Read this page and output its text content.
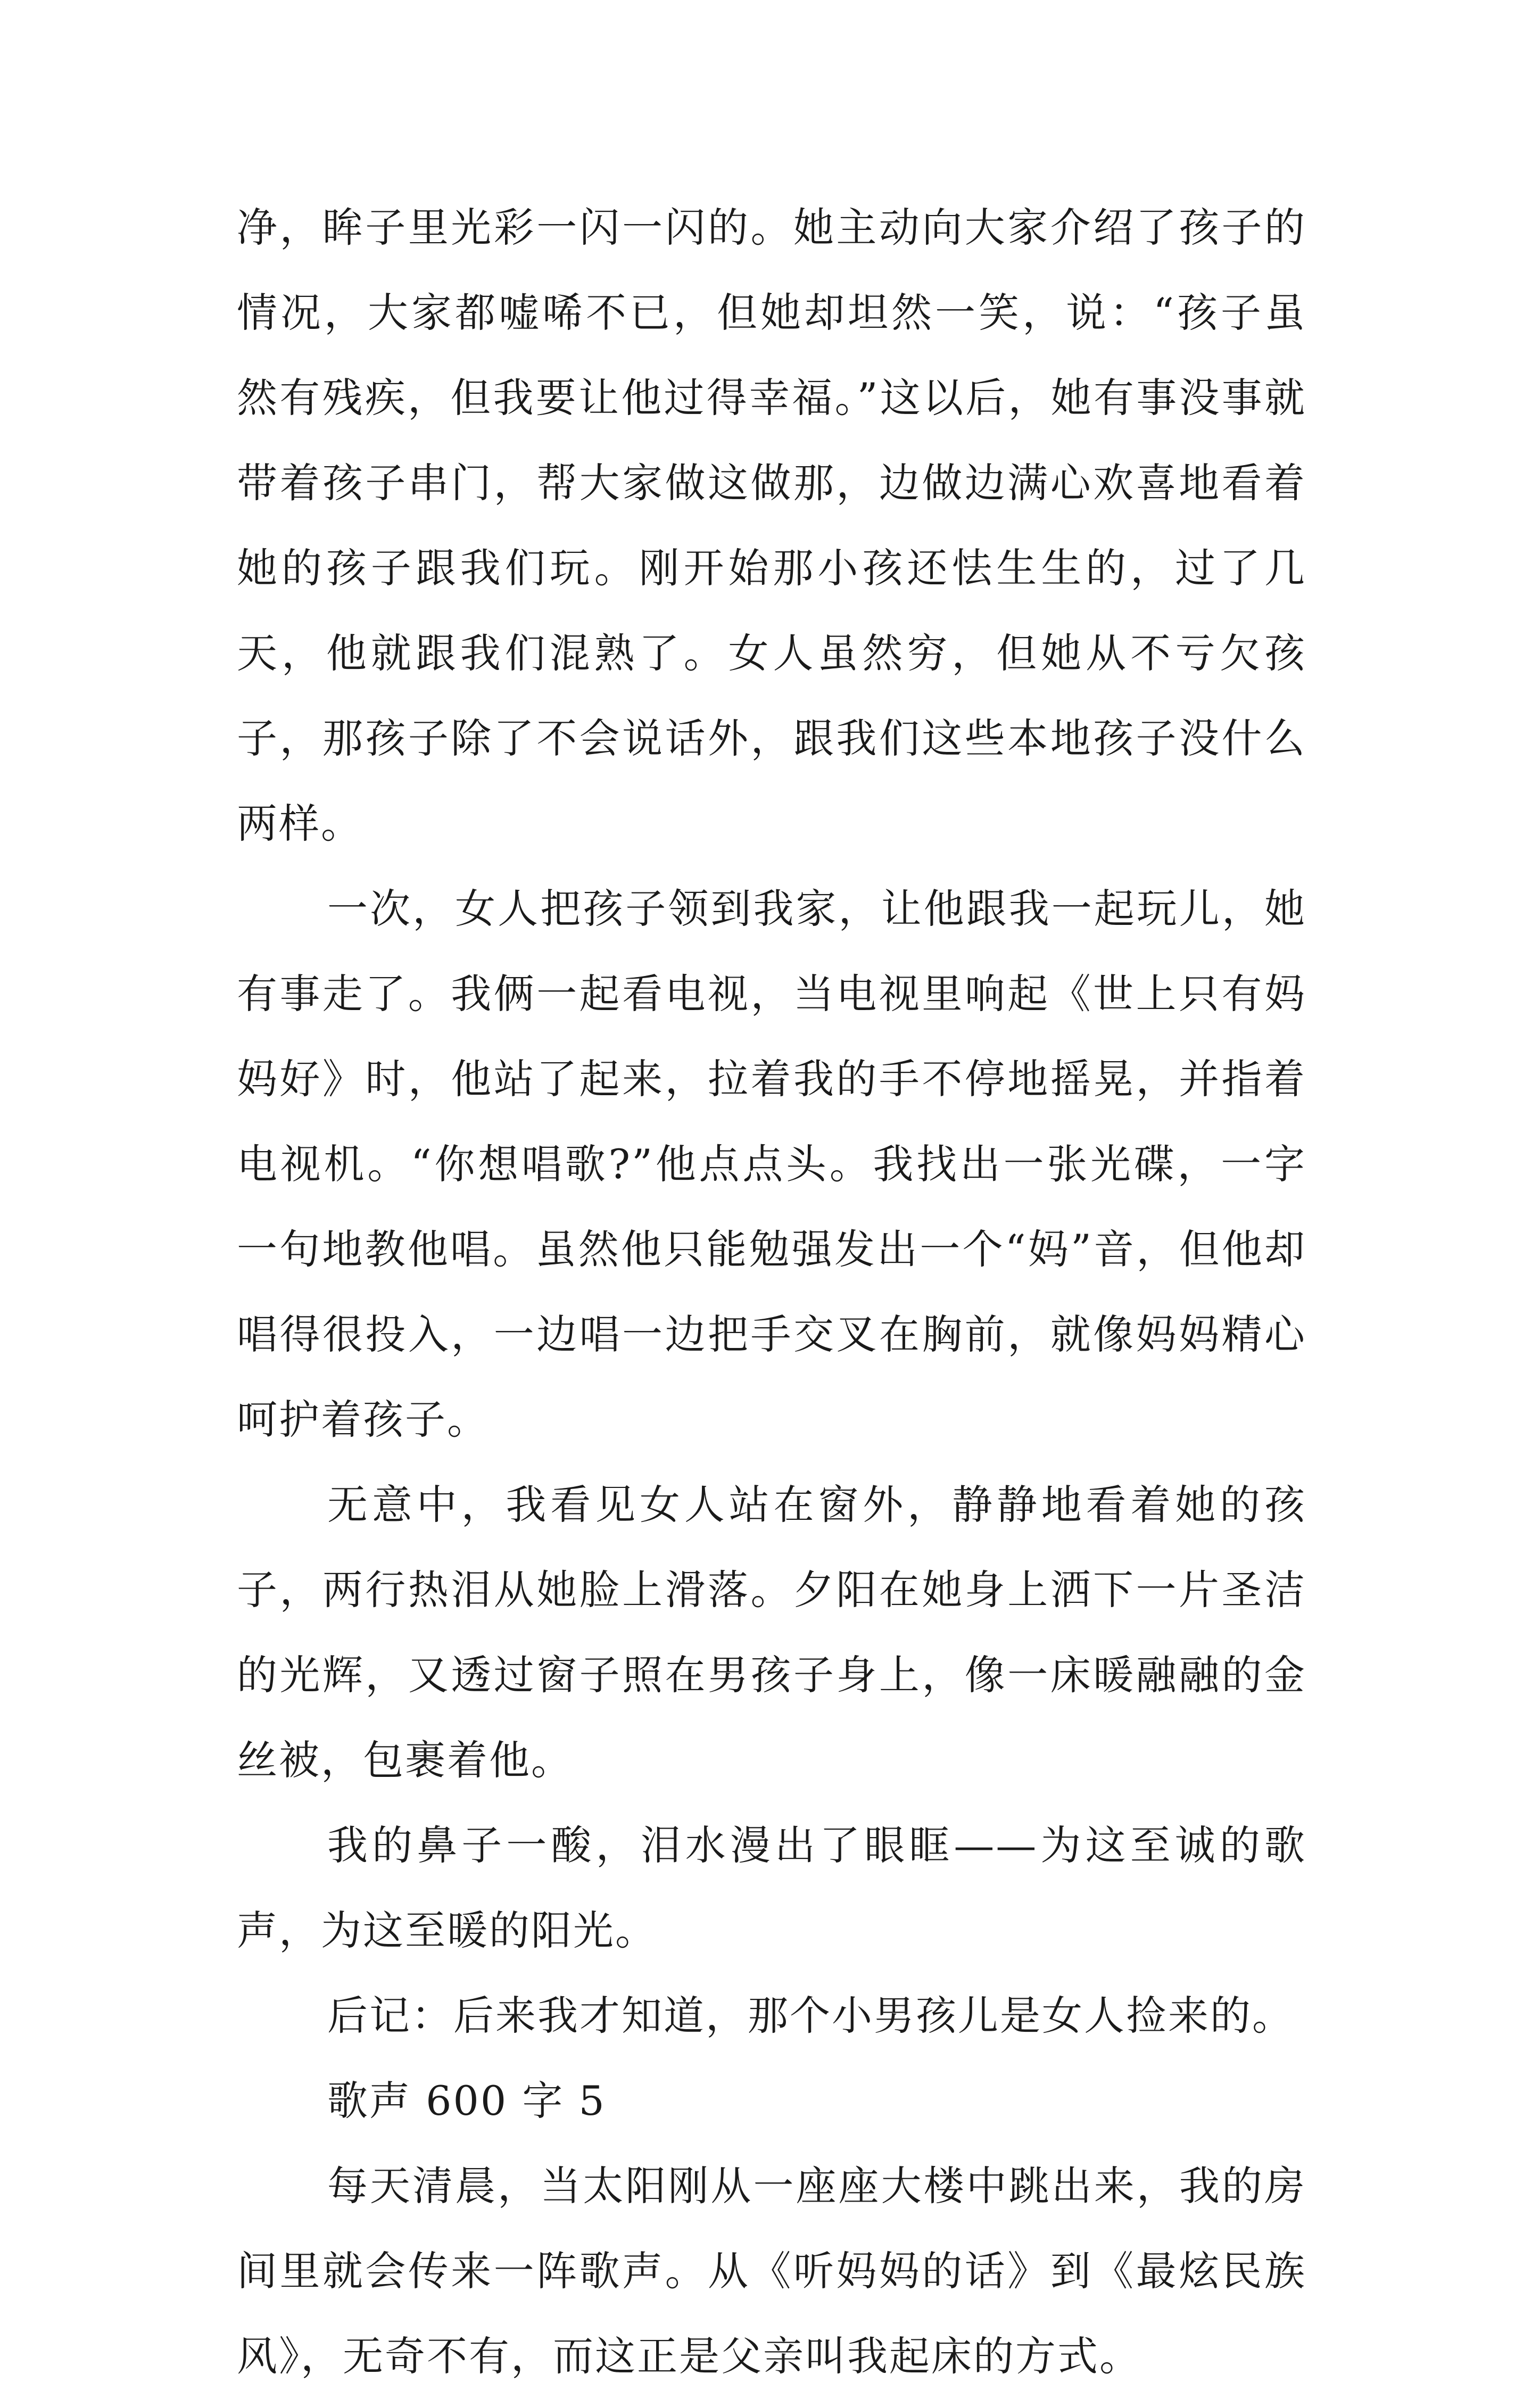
净，眸子里光彩一闪一闪的。她主动向大家介绍了孩子的情况，大家都嘘唏不已，但她却坦然一笑，说：“孩子虽然有残疾，但我要让他过得幸福。”这以后，她有事没事就带着孩子串门，帮大家做这做那，边做边满心欢喜地看着她的孩子跟我们玩。刚开始那小孩还怯生生的，过了几天，他就跟我们混熟了。女人虽然穷，但她从不亏欠孩子，那孩子除了不会说话外，跟我们这些本地孩子没什么两样。

一次，女人把孩子领到我家，让他跟我一起玩儿，她有事走了。我俩一起看电视，当电视里响起《世上只有妈妈好》时，他站了起来，拉着我的手不停地摇晃，并指着电视机。“你想唱歌?”他点点头。我找出一张光碟，一字一句地教他唱。虽然他只能勉强发出一个“妈”音，但他却唱得很投入，一边唱一边把手交叉在胸前，就像妈妈精心呵护着孩子。

无意中，我看见女人站在窗外，静静地看着她的孩子，两行热泪从她脸上滑落。夕阳在她身上洒下一片圣洁的光辉，又透过窗子照在男孩子身上，像一床暖融融的金丝被，包裹着他。

我的鼻子一酸，泪水漫出了眼眶——为这至诚的歌声，为这至暖的阳光。

后记：后来我才知道，那个小男孩儿是女人捡来的。

歌声 600 字 5

每天清晨，当太阳刚从一座座大楼中跳出来，我的房间里就会传来一阵歌声。从《听妈妈的话》到《最炫民族风》，无奇不有，而这正是父亲叫我起床的方式。
